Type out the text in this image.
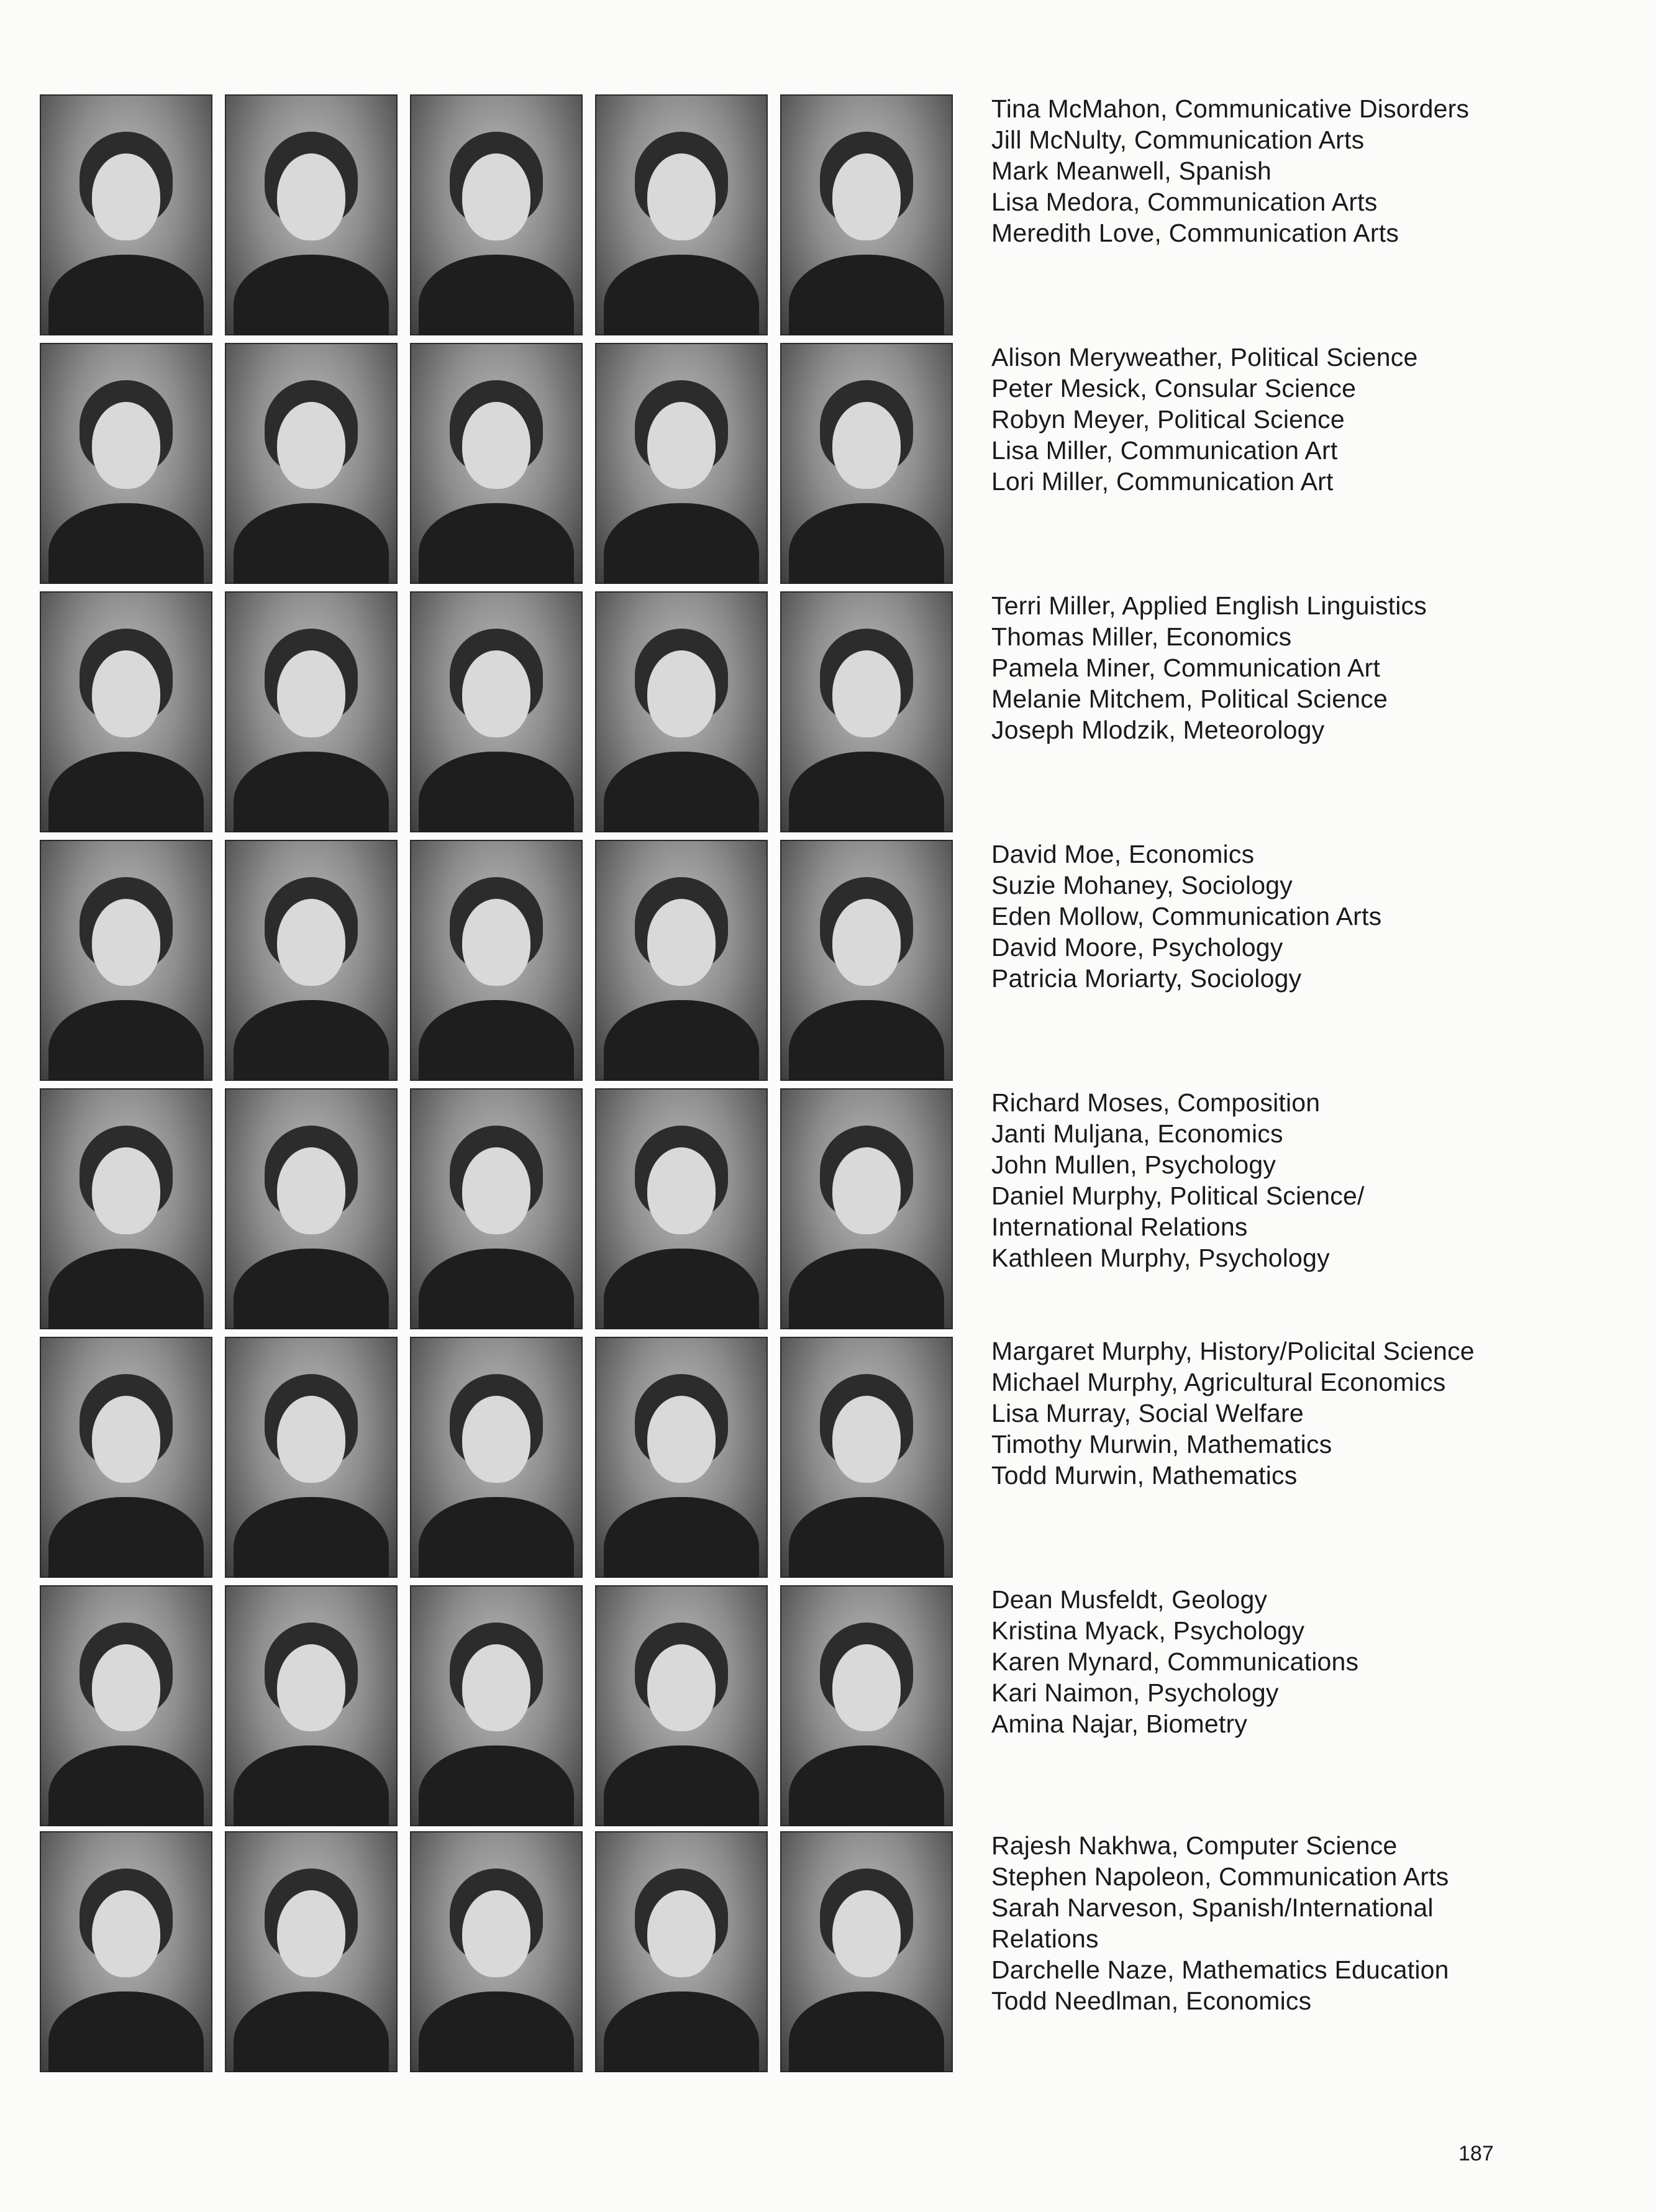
Tina McMahon, Communicative Disorders
Jill McNulty, Communication Arts
Mark Meanwell, Spanish
Lisa Medora, Communication Arts
Meredith Love, Communication Arts
Alison Meryweather, Political Science
Peter Mesick, Consular Science
Robyn Meyer, Political Science
Lisa Miller, Communication Art
Lori Miller, Communication Art
Terri Miller, Applied English Linguistics
Thomas Miller, Economics
Pamela Miner, Communication Art
Melanie Mitchem, Political Science
Joseph Mlodzik, Meteorology
David Moe, Economics
Suzie Mohaney, Sociology
Eden Mollow, Communication Arts
David Moore, Psychology
Patricia Moriarty, Sociology
Richard Moses, Composition
Janti Muljana, Economics
John Mullen, Psychology
Daniel Murphy, Political Science/
International Relations
Kathleen Murphy, Psychology
Margaret Murphy, History/Policital Science
Michael Murphy, Agricultural Economics
Lisa Murray, Social Welfare
Timothy Murwin, Mathematics
Todd Murwin, Mathematics
Dean Musfeldt, Geology
Kristina Myack, Psychology
Karen Mynard, Communications
Kari Naimon, Psychology
Amina Najar, Biometry
Rajesh Nakhwa, Computer Science
Stephen Napoleon, Communication Arts
Sarah Narveson, Spanish/International
Relations
Darchelle Naze, Mathematics Education
Todd Needlman, Economics
187
